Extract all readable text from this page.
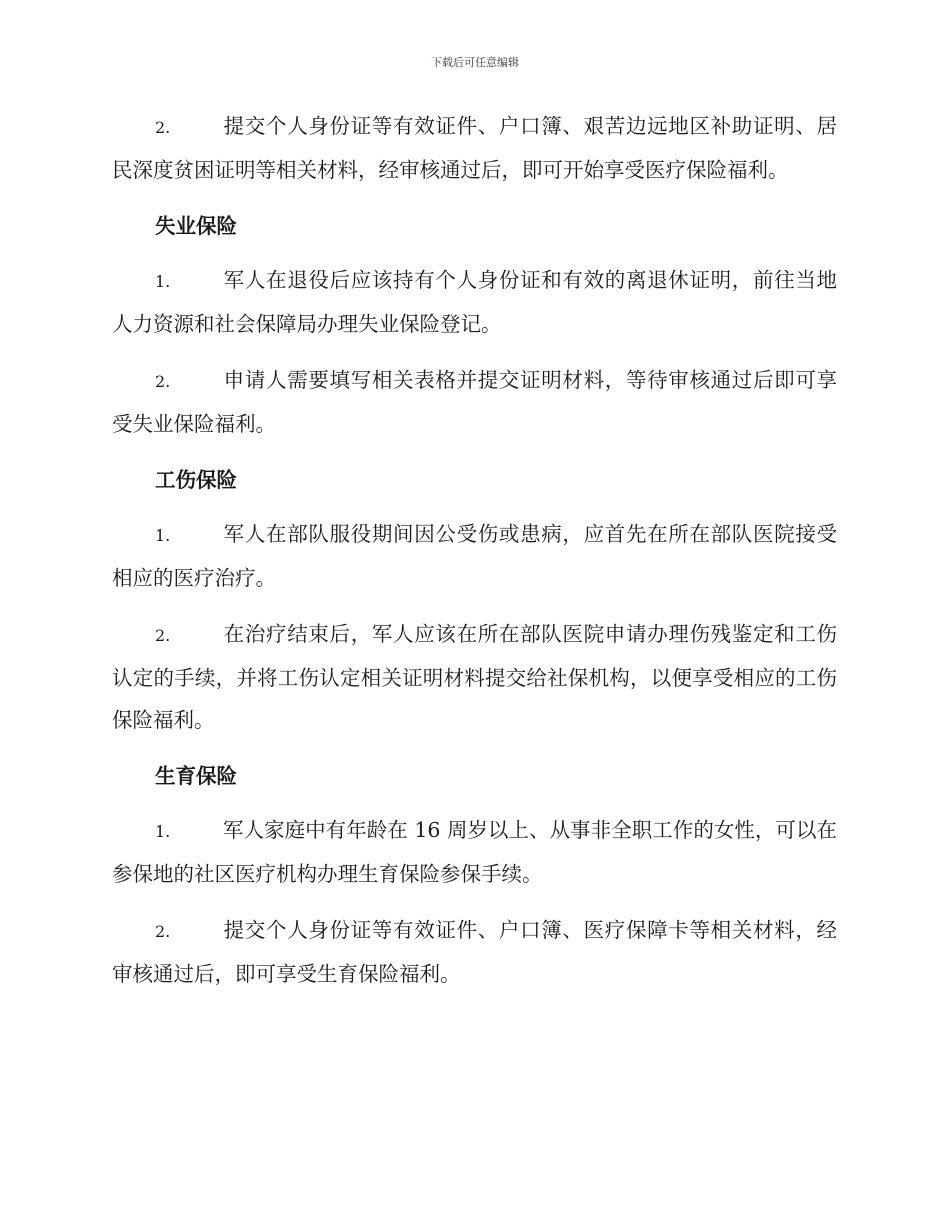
下载后可任意编辑

2.	提交个人身份证等有效证件、户口簿、艰苦边远地区补助证明、居民深度贫困证明等相关材料，经审核通过后，即可开始享受医疗保险福利。

失业保险

1.	军人在退役后应该持有个人身份证和有效的离退休证明，前往当地人力资源和社会保障局办理失业保险登记。

2.	申请人需要填写相关表格并提交证明材料，等待审核通过后即可享受失业保险福利。

工伤保险

1.	军人在部队服役期间因公受伤或患病，应首先在所在部队医院接受相应的医疗治疗。

2.	在治疗结束后，军人应该在所在部队医院申请办理伤残鉴定和工伤认定的手续，并将工伤认定相关证明材料提交给社保机构，以便享受相应的工伤保险福利。

生育保险

1.	军人家庭中有年龄在 16 周岁以上、从事非全职工作的女性，可以在参保地的社区医疗机构办理生育保险参保手续。

2.	提交个人身份证等有效证件、户口簿、医疗保障卡等相关材料，经审核通过后，即可享受生育保险福利。
